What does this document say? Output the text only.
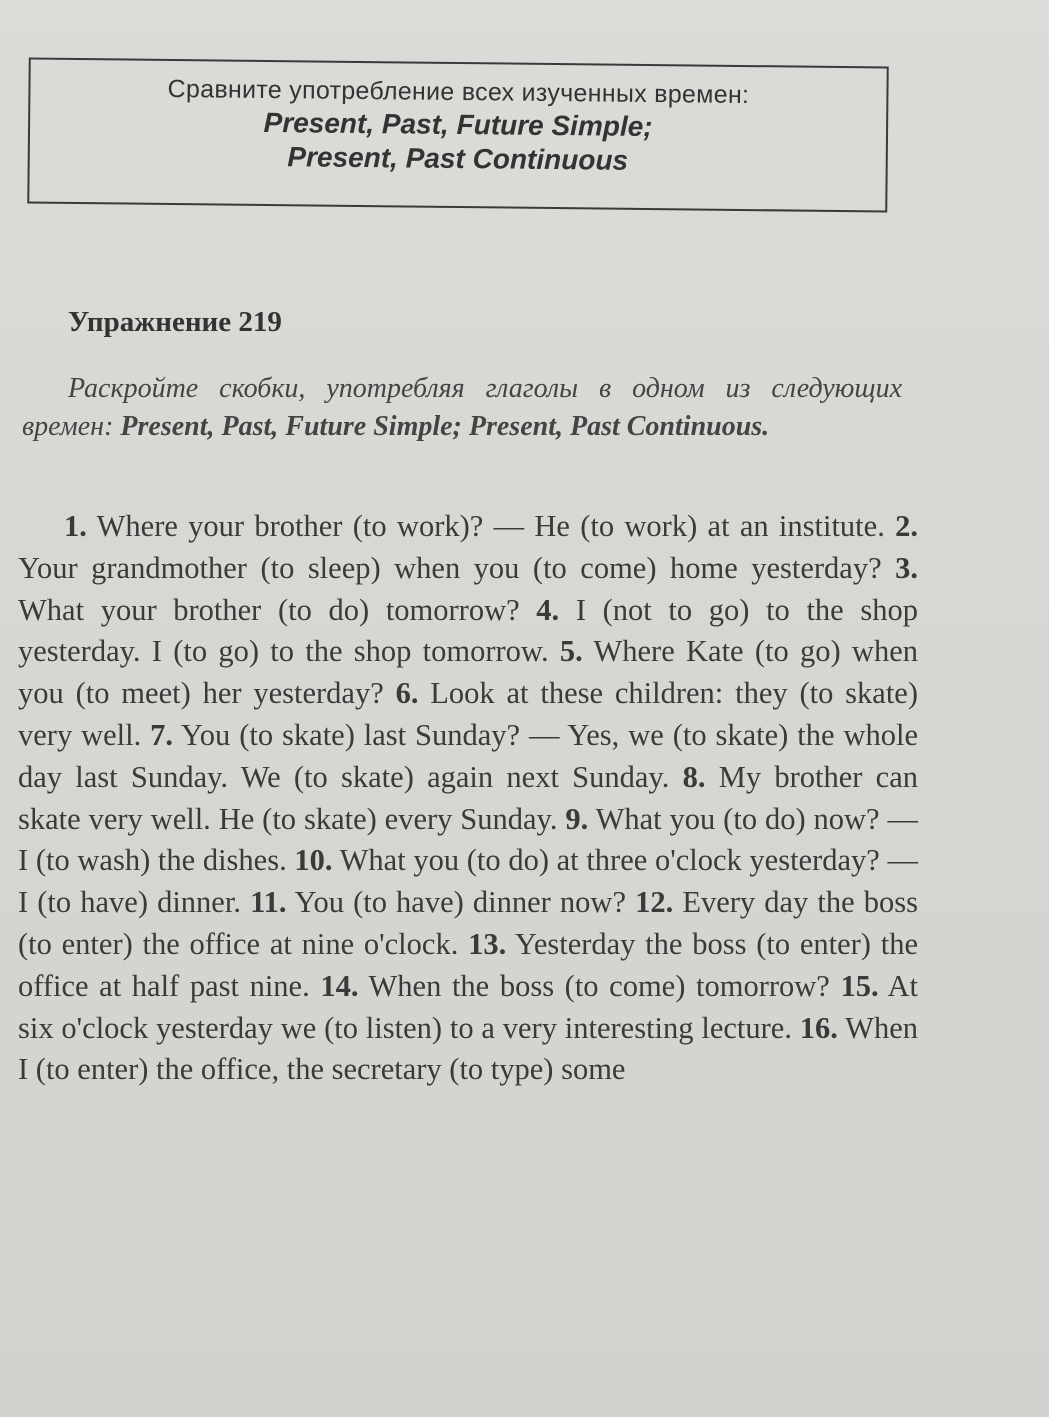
Сравните употребление всех изученных времен:
Present, Past, Future Simple;
Present, Past Continuous
Упражнение 219
Раскройте скобки, употребляя глаголы в одном из следующих времен: Present, Past, Future Simple; Present, Past Continuous.
1. Where your brother (to work)? — He (to work) at an institute. 2. Your grandmother (to sleep) when you (to come) home yesterday? 3. What your brother (to do) tomorrow? 4. I (not to go) to the shop yesterday. I (to go) to the shop tomorrow. 5. Where Kate (to go) when you (to meet) her yesterday? 6. Look at these children: they (to skate) very well. 7. You (to skate) last Sunday? — Yes, we (to skate) the whole day last Sunday. We (to skate) again next Sunday. 8. My brother can skate very well. He (to skate) every Sunday. 9. What you (to do) now? — I (to wash) the dishes. 10. What you (to do) at three o'clock yesterday? — I (to have) dinner. 11. You (to have) dinner now? 12. Every day the boss (to enter) the office at nine o'clock. 13. Yesterday the boss (to enter) the office at half past nine. 14. When the boss (to come) tomorrow? 15. At six o'clock yesterday we (to listen) to a very interesting lecture. 16. When I (to enter) the office, the secretary (to type) some
